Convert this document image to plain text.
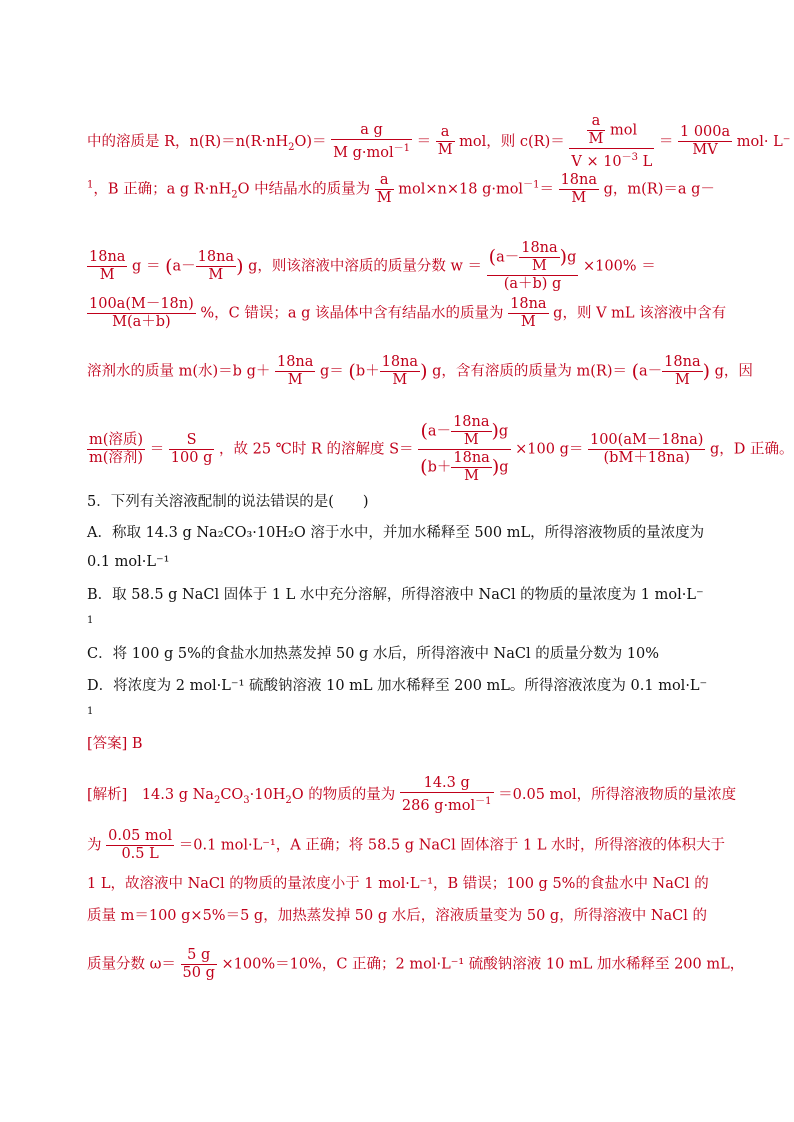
中的溶质是 R，$n(R)=n(R\cdot nH_2O)= \frac{\text{a g}}{M g\cdot mol^{-1}} = \frac{a}{M}$ mol，则 $c(R)= \frac{\frac{a}{M} mol}{V \times 10^{-3} L} = \frac{1 000a}{MV} mol\cdot L^-$
$^1$，B 正确；a g $R\cdot nH_2O$ 中结晶水的质量为 $\frac{a}{M} mol\times n\times 18$ $g\cdot mol^{-1}= \frac{18na}{M}$ g，m(R)＝a g－
$\frac{18na}{M}$ $g = (a- \frac{18na}{M}$ ) g，则该溶液中溶质的质量分数 $w = \frac{(a- \frac{18na}{M} )g}{(a+b) g} \times 100\%$ ＝
$\frac{100a(M-18n)}{M(a+b)}$ %，C 错误；a g 该晶体中含有结晶水的质量为 $\frac{18na}{M}$ g，则 V mL 该溶液中含有
溶剂水的质量 m(水)＝b $g+ \frac{18na}{M} g= (b+ \frac{18na}{M}$ ) g，含有溶质的质量为 $m(R)= (a- \frac{18na}{M}$ ) g，因
$\frac{\text{m(溶质)}}{\text{m(溶剂)}} = \frac{S}{100 g}$ ，故 25 ℃时 R 的溶解度 $S= \frac{(a- \frac{18na}{M} )g}{(b+ \frac{18na}{M} )g} \times 100$ $g= \frac{100(aM-18na)}{(bM+18na)}$ g，D 正确。
5．下列有关溶液配制的说法错误的是(　　)
A．称取 14.3 g Na₂CO₃·10H₂O 溶于水中，并加水稀释至 500 mL，所得溶液物质的量浓度为
0.1 mol·L⁻¹
B．取 58.5 g NaCl 固体于 1 L 水中充分溶解，所得溶液中 NaCl 的物质的量浓度为 1 mol·L⁻
1
C．将 100 g 5%的食盐水加热蒸发掉 50 g 水后，所得溶液中 NaCl 的质量分数为 10%
D．将浓度为 2 mol·L⁻¹ 硫酸钠溶液 10 mL 加水稀释至 200 mL。所得溶液浓度为 0.1 mol·L⁻
1
[答案] B
[解析]　14.3 g $Na_2CO_3\cdot 10H_2O$ 的物质的量为 $\frac{14.3 g}{286 g\cdot mol^{-1}} =0.05$ mol，所得溶液物质的量浓度
为 $\frac{\text{0.05 mol}}{0.5 L} =0.1$ mol·L⁻¹，A 正确；将 58.5 g NaCl 固体溶于 1 L 水时，所得溶液的体积大于
1 L，故溶液中 NaCl 的物质的量浓度小于 1 mol·L⁻¹，B 错误；100 g 5%的食盐水中 NaCl 的
质量 m＝100 g×5%＝5 g，加热蒸发掉 50 g 水后，溶液质量变为 50 g，所得溶液中 NaCl 的
质量分数 $\omega= \frac{5 g}{50 g} \times 100\%=10\%$，C 正确；2 mol·L⁻¹ 硫酸钠溶液 10 mL 加水稀释至 200 mL，
